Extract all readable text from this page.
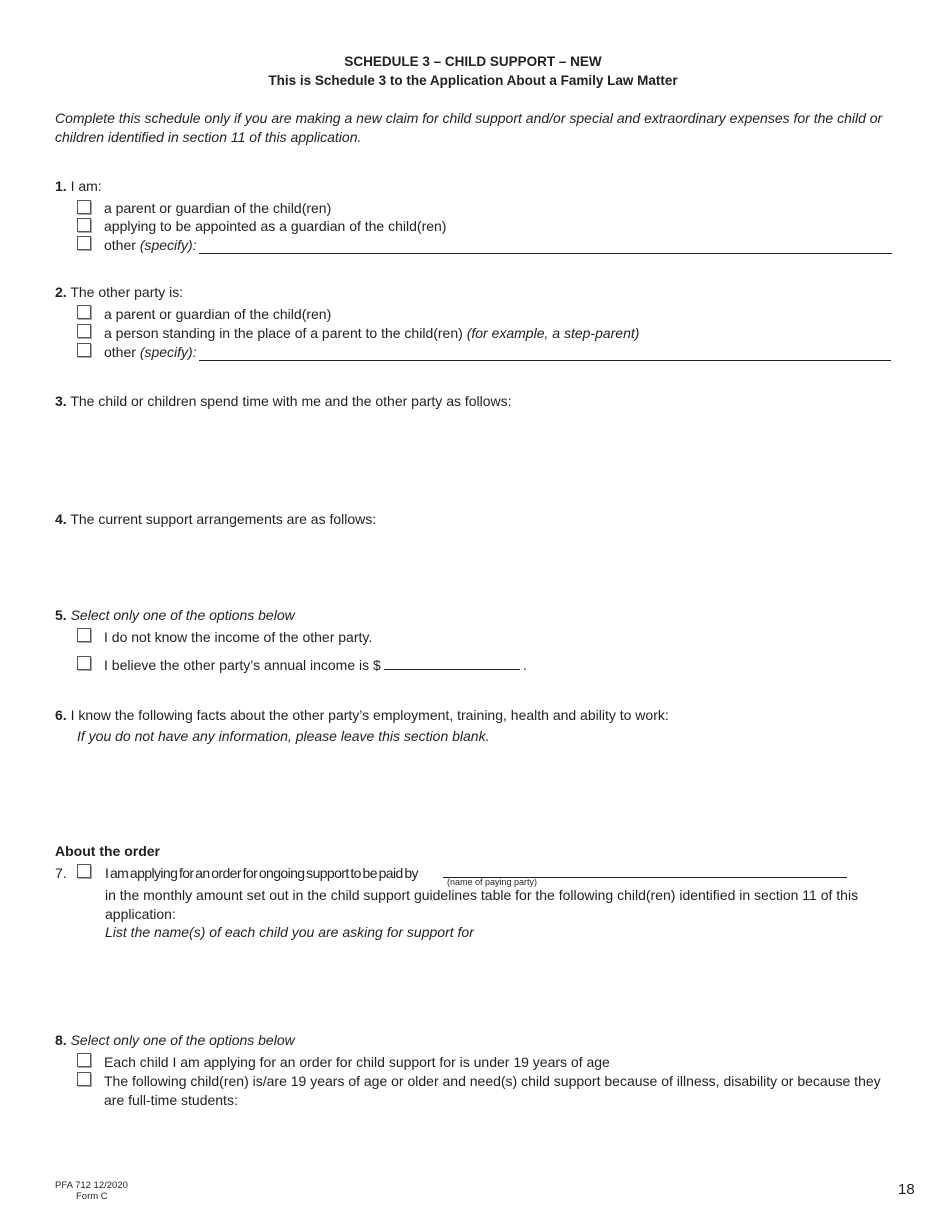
SCHEDULE 3 – CHILD SUPPORT – NEW
This is Schedule 3 to the Application About a Family Law Matter
Complete this schedule only if you are making a new claim for child support and/or special and extraordinary expenses for the child or children identified in section 11 of this application.
1. I am:
a parent or guardian of the child(ren)
applying to be appointed as a guardian of the child(ren)
other (specify):
2. The other party is:
a parent or guardian of the child(ren)
a person standing in the place of a parent to the child(ren) (for example, a step-parent)
other (specify):
3. The child or children spend time with me and the other party as follows:
4. The current support arrangements are as follows:
5. Select only one of the options below
I do not know the income of the other party.
I believe the other party’s annual income is $	.
6. I know the following facts about the other party’s employment, training, health and ability to work:
If you do not have any information, please leave this section blank.
About the order
7.	I am applying for an order for ongoing support to be paid by
(name of paying party)
in the monthly amount set out in the child support guidelines table for the following child(ren) identified in section 11 of this application:
List the name(s) of each child you are asking for support for
8. Select only one of the options below
Each child I am applying for an order for child support for is under 19 years of age
The following child(ren) is/are 19 years of age or older and need(s) child support because of illness, disability or because they are full-time students:
PFA 712 12/2020
Form C	18
